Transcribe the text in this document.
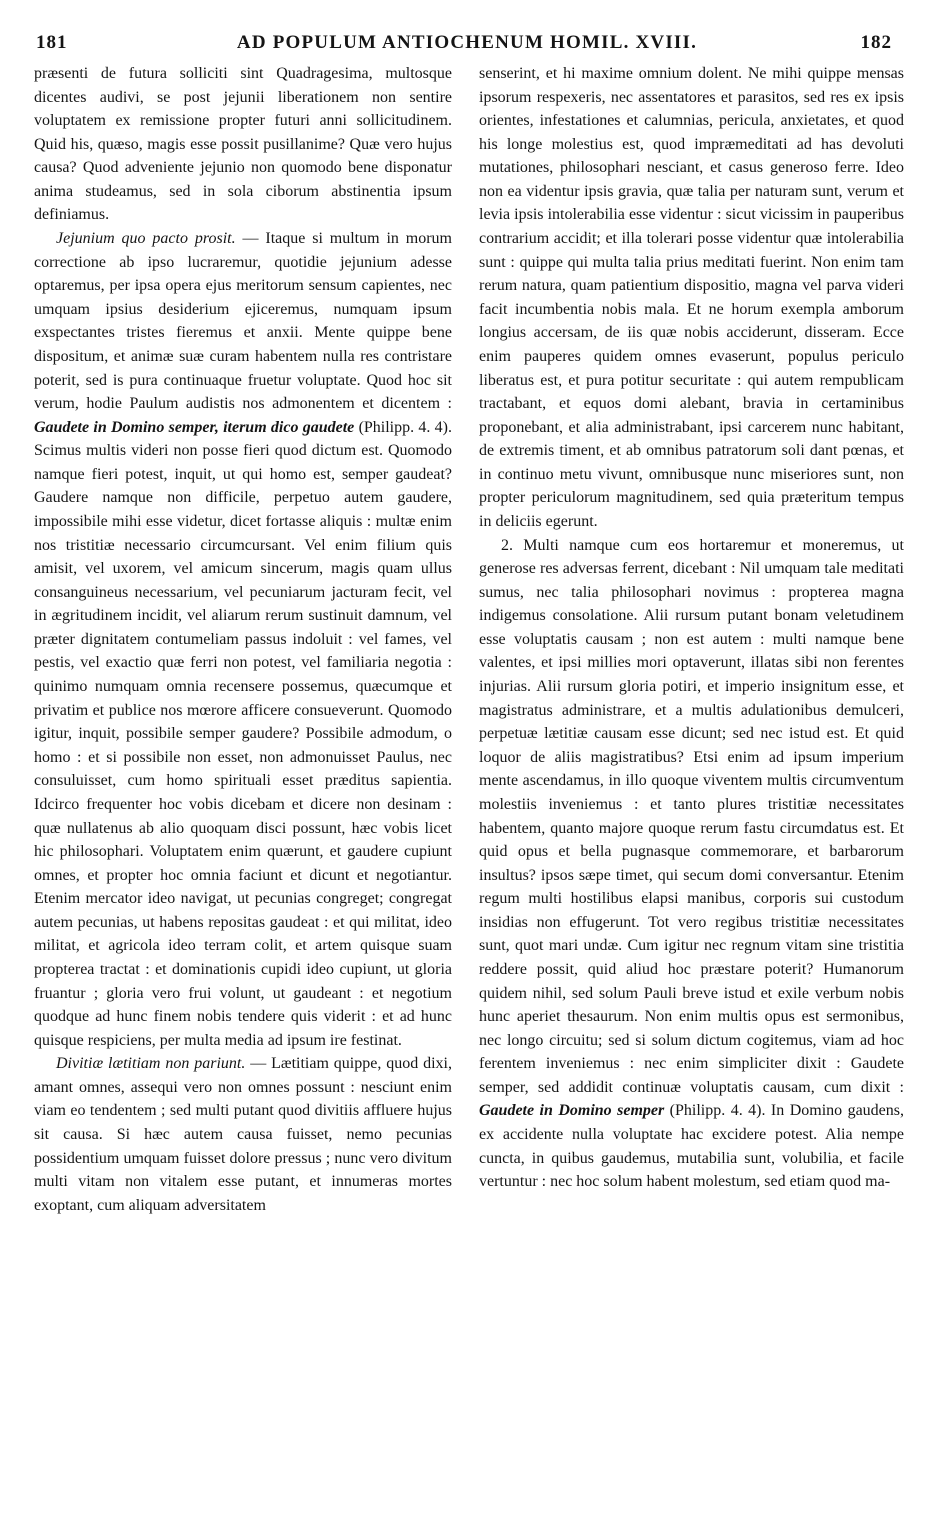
181	AD POPULUM ANTIOCHENUM HOMIL. XVIII.	182

præsenti de futura solliciti sint Quadragesima, multosque dicentes audivi, se post jejunii liberationem non sentire voluptatem ex remissione propter futuri anni sollicitudinem. Quid his, quæso, magis esse possit pusillanime? Quæ vero hujus causa? Quod adveniente jejunio non quomodo bene disponatur anima studeamus, sed in sola ciborum abstinentia ipsum definiamus.

Jejunium quo pacto prosit. — Itaque si multum in morum correctione ab ipso lucraremur, quotidie jejunium adesse optaremus, per ipsa opera ejus meritorum sensum capientes, nec umquam ipsius desiderium ejiceremus, numquam ipsum exspectantes tristes fieremus et anxii. Mente quippe bene dispositum, et animæ suæ curam habentem nulla res contristare poterit, sed is pura continuaque fruetur voluptate. Quod hoc sit verum, hodie Paulum audistis nos admonentem et dicentem : Gaudete in Domino semper, iterum dico gaudete (Philipp. 4. 4). Scimus multis videri non posse fieri quod dictum est. Quomodo namque fieri potest, inquit, ut qui homo est, semper gaudeat? Gaudere namque non difficile, perpetuo autem gaudere, impossibile mihi esse videtur, dicet fortasse aliquis : multæ enim nos tristitiæ necessario circumcursant. Vel enim filium quis amisit, vel uxorem, vel amicum sincerum, magis quam ullus consanguineus necessarium, vel pecuniarum jacturam fecit, vel in ægritudinem incidit, vel aliarum rerum sustinuit damnum, vel præter dignitatem contumeliam passus indoluit : vel fames, vel pestis, vel exactio quæ ferri non potest, vel familiaria negotia : quinimo numquam omnia recensere possemus, quæcumque et privatim et publice nos mœrore afficere consueverunt. Quomodo igitur, inquit, possibile semper gaudere? Possibile admodum, o homo : et si possibile non esset, non admonuisset Paulus, nec consuluisset, cum homo spirituali esset præditus sapientia. Idcirco frequenter hoc vobis dicebam et dicere non desinam : quæ nullatenus ab alio quoquam disci possunt, hæc vobis licet hic philosophari. Voluptatem enim quærunt, et gaudere cupiunt omnes, et propter hoc omnia faciunt et dicunt et negotiantur. Etenim mercator ideo navigat, ut pecunias congreget; congregat autem pecunias, ut habens repositas gaudeat : et qui militat, ideo militat, et agricola ideo terram colit, et artem quisque suam propterea tractat : et dominationis cupidi ideo cupiunt, ut gloria fruantur ; gloria vero frui volunt, ut gaudeant : et negotium quodque ad hunc finem nobis tendere quis viderit : et ad hunc quisque respiciens, per multa media ad ipsum ire festinat.

Divitiæ lætitiam non pariunt. — Lætitiam quippe, quod dixi, amant omnes, assequi vero non omnes possunt : nesciunt enim viam eo tendentem ; sed multi putant quod divitiis affluere hujus sit causa. Si hæc autem causa fuisset, nemo pecunias possidentium umquam fuisset dolore pressus ; nunc vero divitum multi vitam non vitalem esse putant, et innumeras mortes exoptant, cum aliquam adversitatem

senserint, et hi maxime omnium dolent. Ne mihi quippe mensas ipsorum respexeris, nec assentatores et parasitos, sed res ex ipsis orientes, infestationes et calumnias, pericula, anxietates, et quod his longe molestius est, quod impræmeditati ad has devoluti mutationes, philosophari nesciant, et casus generoso ferre. Ideo non ea videntur ipsis gravia, quæ talia per naturam sunt, verum et levia ipsis intolerabilia esse videntur : sicut vicissim in pauperibus contrarium accidit; et illa tolerari posse videntur quæ intolerabilia sunt : quippe qui multa talia prius meditati fuerint. Non enim tam rerum natura, quam patientium dispositio, magna vel parva videri facit incumbentia nobis mala. Et ne horum exempla amborum longius accersam, de iis quæ nobis acciderunt, disseram. Ecce enim pauperes quidem omnes evaserunt, populus periculo liberatus est, et pura potitur securitate : qui autem rempublicam tractabant, et equos domi alebant, bravia in certaminibus proponebant, et alia administrabant, ipsi carcerem nunc habitant, de extremis timent, et ab omnibus patratorum soli dant pœnas, et in continuo metu vivunt, omnibusque nunc miseriores sunt, non propter periculorum magnitudinem, sed quia præteritum tempus in deliciis egerunt.

2. Multi namque cum eos hortaremur et moneremus, ut generose res adversas ferrent, dicebant : Nil umquam tale meditati sumus, nec talia philosophari novimus : propterea magna indigemus consolatione. Alii rursum putant bonam veletudinem esse voluptatis causam ; non est autem : multi namque bene valentes, et ipsi millies mori optaverunt, illatas sibi non ferentes injurias. Alii rursum gloria potiri, et imperio insignitum esse, et magistratus administrare, et a multis adulationibus demulceri, perpetuæ lætitiæ causam esse dicunt; sed nec istud est. Et quid loquor de aliis magistratibus? Etsi enim ad ipsum imperium mente ascendamus, in illo quoque viventem multis circumventum molestiis inveniemus : et tanto plures tristitiæ necessitates habentem, quanto majore quoque rerum fastu circumdatus est. Et quid opus et bella pugnasque commemorare, et barbarorum insultus? ipsos sæpe timet, qui secum domi conversantur. Etenim regum multi hostilibus elapsi manibus, corporis sui custodum insidias non effugerunt. Tot vero regibus tristitiæ necessitates sunt, quot mari undæ. Cum igitur nec regnum vitam sine tristitia reddere possit, quid aliud hoc præstare poterit? Humanorum quidem nihil, sed solum Pauli breve istud et exile verbum nobis hunc aperiet thesaurum. Non enim multis opus est sermonibus, nec longo circuitu; sed si solum dictum cogitemus, viam ad hoc ferentem inveniemus : nec enim simpliciter dixit : Gaudete semper, sed addidit continuæ voluptatis causam, cum dixit : Gaudete in Domino semper (Philipp. 4. 4). In Domino gaudens, ex accidente nulla voluptate hac excidere potest. Alia nempe cuncta, in quibus gaudemus, mutabilia sunt, volubilia, et facile vertuntur : nec hoc solum habent molestum, sed etiam quod ma-
